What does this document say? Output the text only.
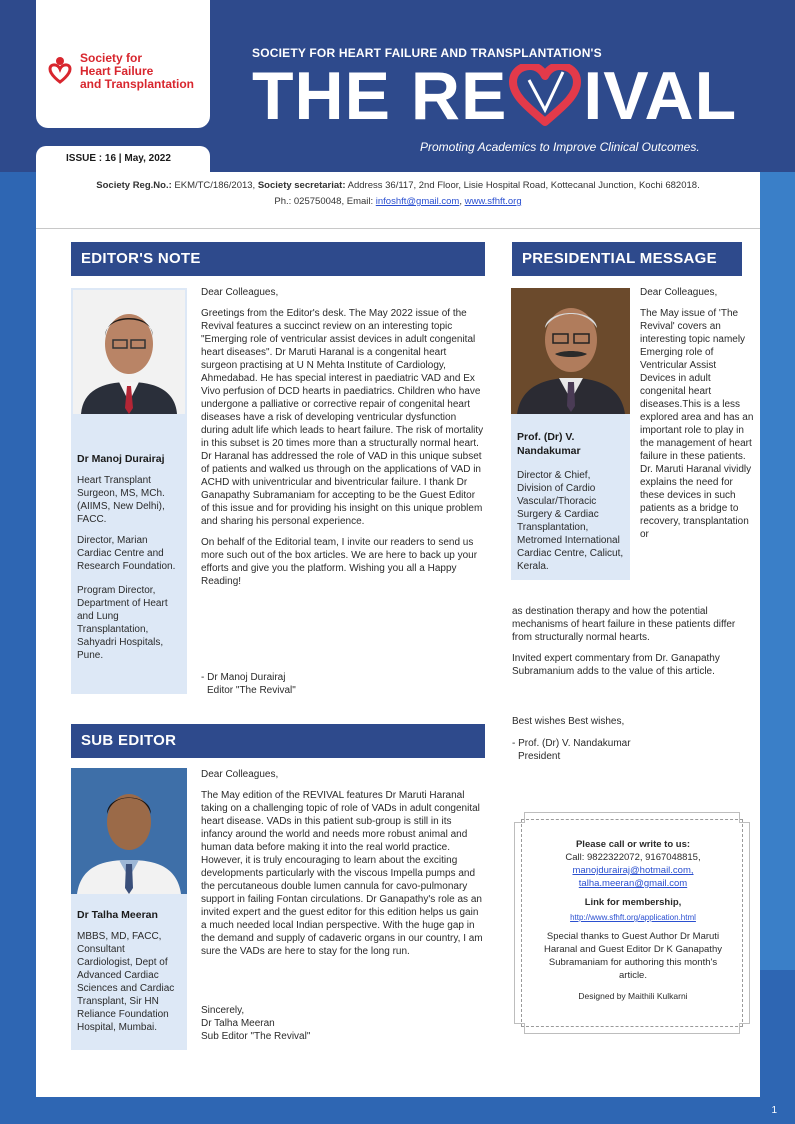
Society for
Heart Failure
and Transplantation
SOCIETY FOR HEART FAILURE AND TRANSPLANTATION'S
THE RE IVAL
ISSUE : 16 | May, 2022
Promoting Academics to Improve Clinical Outcomes.
Society Reg.No.: EKM/TC/186/2013, Society secretariat: Address 36/117, 2nd Floor, Lisie Hospital Road, Kottecanal Junction, Kochi 682018.
Ph.: 025750048, Email: infoshft@gmail.com, www.sfhft.org
EDITOR'S NOTE
Dr Manoj Durairaj
Heart Transplant Surgeon, MS, MCh. (AIIMS, New Delhi), FACC.
Director, Marian Cardiac Centre and Research Foundation.
Program Director, Department of Heart and Lung Transplantation, Sahyadri Hospitals, Pune.

Dear Colleagues,

Greetings from the Editor's desk. The May 2022 issue of the Revival features a succinct review on an interesting topic "Emerging role of ventricular assist devices in adult congenital heart diseases". Dr Maruti Haranal is a congenital heart surgeon practising at U N Mehta Institute of Cardiology, Ahmedabad. He has special interest in paediatric VAD and Ex Vivo perfusion of DCD hearts in paediatrics. Children who have undergone a palliative or corrective repair of congenital heart diseases have a risk of developing ventricular dysfunction during adult life which leads to heart failure. The risk of mortality in this subset is 20 times more than a structurally normal heart. Dr Haranal has addressed the role of VAD in this unique subset of patients and walked us through on the applications of VAD in ACHD with univentricular and biventricular failure. I thank Dr Ganapathy Subramaniam for accepting to be the Guest Editor of this issue and for providing his insight on this unique problem and sharing his personal experience.

On behalf of the Editorial team, I invite our readers to send us more such out of the box articles. We are here to back up your efforts and give you the platform. Wishing you all a Happy Reading!

- Dr Manoj Durairaj
Editor "The Revival"
PRESIDENTIAL MESSAGE
Prof. (Dr) V. Nandakumar
Director & Chief, Division of Cardio Vascular/Thoracic Surgery & Cardiac Transplantation, Metromed International Cardiac Centre, Calicut, Kerala.

Dear Colleagues,

The May issue of 'The Revival' covers an interesting topic namely Emerging role of Ventricular Assist Devices in adult congenital heart diseases.This is a less explored area and has an important role to play in the management of heart failure in these patients. Dr. Maruti Haranal vividly explains the need for these devices in such patients as a bridge to recovery, transplantation or

as destination therapy and how the potential mechanisms of heart failure in these patients differ from structurally normal hearts.

Invited expert commentary from Dr. Ganapathy Subramanium adds to the value of this article.

Best wishes Best wishes,
- Prof. (Dr) V. Nandakumar
President
SUB EDITOR
Dr Talha Meeran
MBBS, MD, FACC, Consultant Cardiologist, Dept of Advanced Cardiac Sciences and Cardiac Transplant, Sir HN Reliance Foundation Hospital, Mumbai.

Dear Colleagues,

The May edition of the REVIVAL features Dr Maruti Haranal taking on a challenging topic of role of VADs in adult congenital heart disease. VADs in this patient sub-group is still in its infancy around the world and needs more robust animal and human data before making it into the real world practice. However, it is truly encouraging to learn about the exciting developments particularly with the viscous Impella pumps and the percutaneous double lumen cannula for cavo-pulmonary support in failing Fontan circulations. Dr Ganapathy's role as an invited expert and the guest editor for this edition helps us gain a much needed local Indian perspective. With the huge gap in the demand and supply of cadaveric organs in our country, I am sure the VADs are here to stay for the long run.

Sincerely,
Dr Talha Meeran
Sub Editor "The Revival"
Please call or write to us:
Call: 9822322072, 9167048815,
manojdurairaj@hotmail.com,
talha.meeran@gmail.com
Link for membership,
http://www.sfhft.org/application.html
Special thanks to Guest Author Dr Maruti Haranal and Guest Editor Dr K Ganapathy Subramaniam for authoring this month's article.
Designed by Maithili Kulkarni
1
